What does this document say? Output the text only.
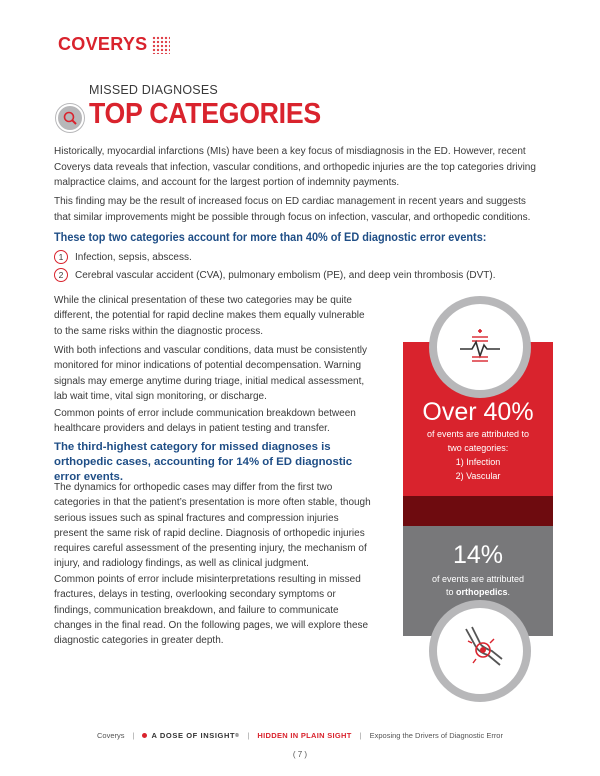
COVERYS
MISSED DIAGNOSES
TOP CATEGORIES

Historically, myocardial infarctions (MIs) have been a key focus of misdiagnosis in the ED. However, recent Coverys data reveals that infection, vascular conditions, and orthopedic injuries are the top categories driving malpractice claims, and account for the largest portion of indemnity payments.

This finding may be the result of increased focus on ED cardiac management in recent years and suggests that similar improvements might be possible through focus on infection, vascular, and orthopedic conditions.

These top two categories account for more than 40% of ED diagnostic error events:

1	Infection, sepsis, abscess.
2	Cerebral vascular accident (CVA), pulmonary embolism (PE), and deep vein thrombosis (DVT).

While the clinical presentation of these two categories may be quite different, the potential for rapid decline makes them equally vulnerable to the same risks within the diagnostic process.

With both infections and vascular conditions, data must be consistently monitored for minor indications of potential decompensation. Warning signals may emerge anytime during triage, initial medical assessment, lab wait time, vital sign monitoring, or discharge.

Common points of error include communication breakdown between healthcare providers and delays in patient testing and transfer.

The third-highest category for missed diagnoses is orthopedic cases, accounting for 14% of ED diagnostic error events.

The dynamics for orthopedic cases may differ from the first two categories in that the patient’s presentation is more often stable, though serious issues such as spinal fractures and compression injuries present the same risk of rapid decline. Diagnosis of orthopedic injuries requires careful assessment of the presenting injury, the mechanism of injury, and radiology findings, as well as clinical judgment.

Common points of error include misinterpretations resulting in missed fractures, delays in testing, overlooking secondary symptoms or findings, communication breakdown, and failure to communicate changes in the final read. On the following pages, we will explore these diagnostic categories in greater depth.

Over 40%
of events are attributed to
two categories:
1) Infection
2) Vascular
14%
of events are attributed
to orthopedics.
Coverys | A DOSE OF INSIGHT ® | HIDDEN IN PLAIN SIGHT | Exposing the Drivers of Diagnostic Error
( 7 )
